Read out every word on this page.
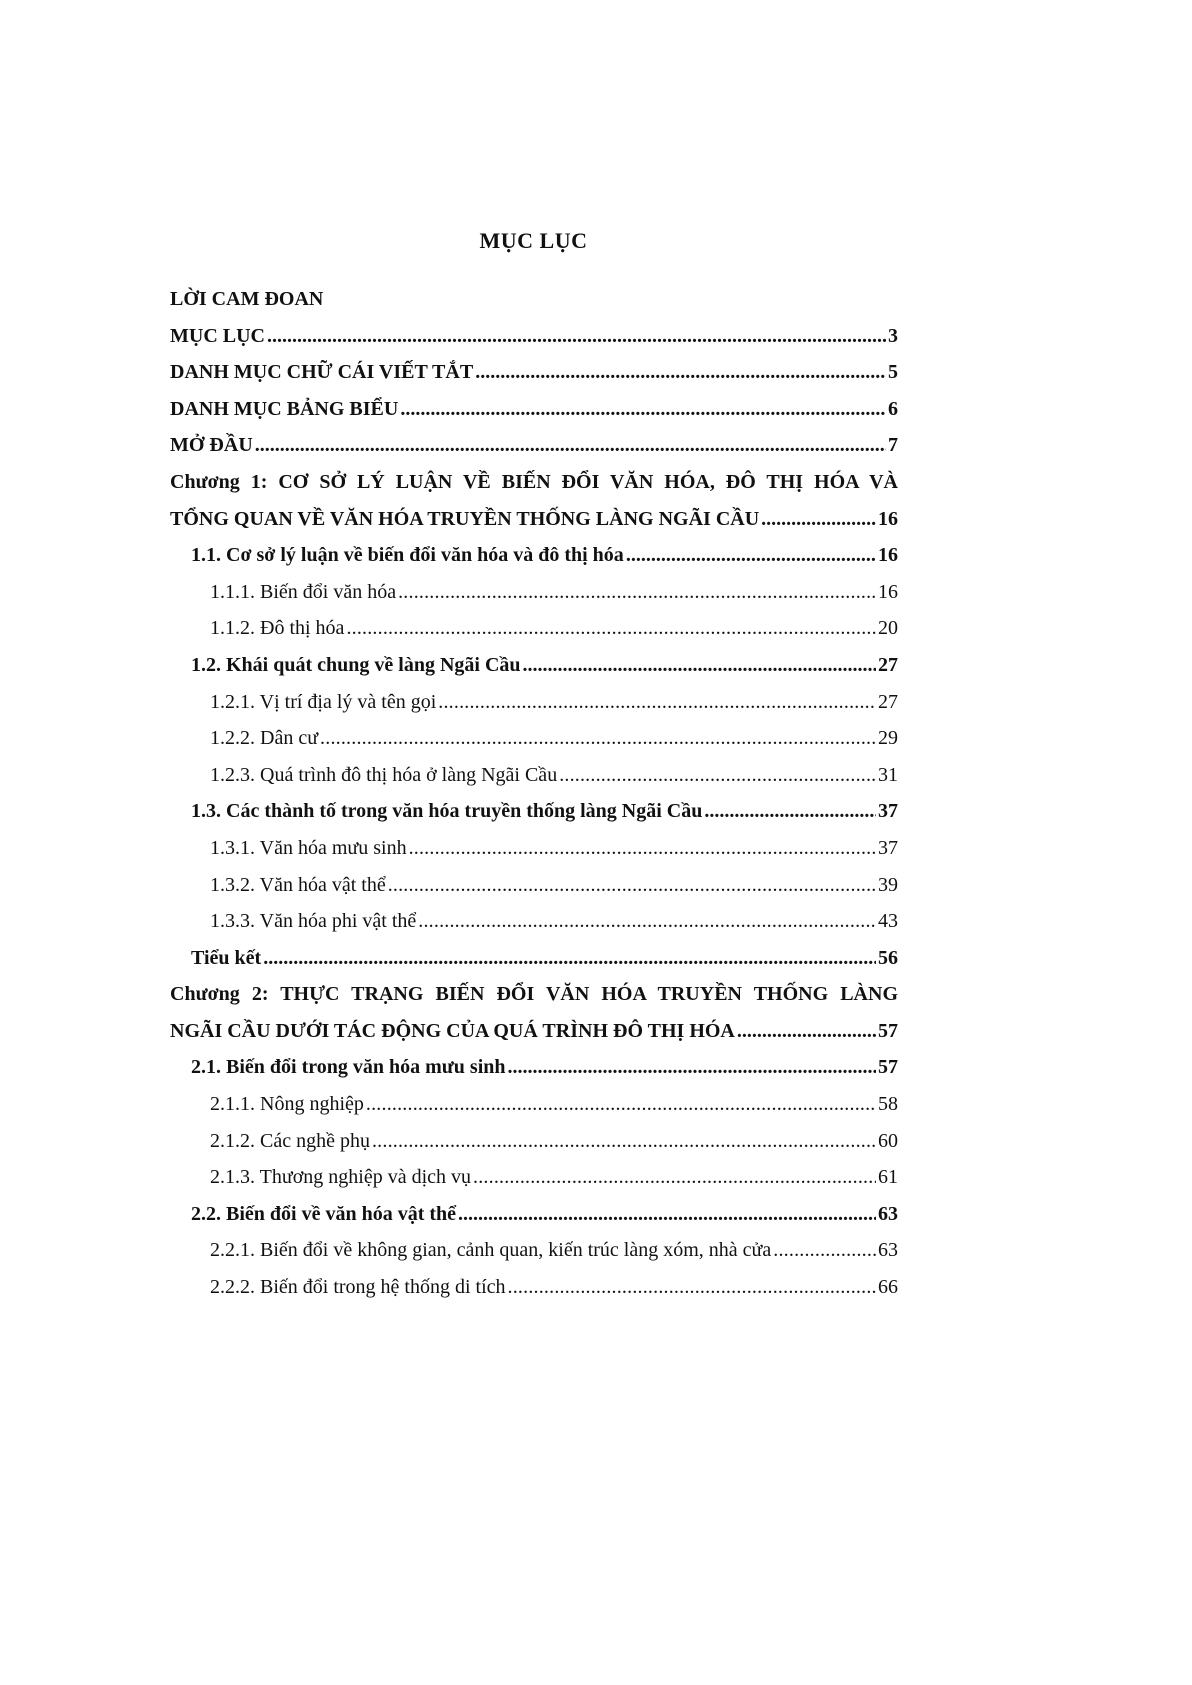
MỤC LỤC
LỜI CAM ĐOAN
MỤC LỤC .....	3
DANH MỤC CHỮ CÁI VIẾT TẮT .....	5
DANH MỤC BẢNG BIỂU .....	6
MỞ ĐẦU .....	7
Chương 1: CƠ SỞ LÝ LUẬN VỀ BIẾN ĐỔI VĂN HÓA, ĐÔ THỊ HÓA VÀ
TỔNG QUAN VỀ VĂN HÓA TRUYỀN THỐNG LÀNG NGÃI CẦU .....	16
1.1. Cơ sở lý luận về biến đổi văn hóa và đô thị hóa .....	16
1.1.1. Biến đổi văn hóa .....	16
1.1.2. Đô thị hóa .....	20
1.2. Khái quát chung về làng Ngãi Cầu .....	27
1.2.1. Vị trí địa lý và tên gọi .....	27
1.2.2. Dân cư .....	29
1.2.3. Quá trình đô thị hóa ở làng Ngãi Cầu .....	31
1.3. Các thành tố trong văn hóa truyền thống làng Ngãi Cầu .....	37
1.3.1. Văn hóa mưu sinh .....	37
1.3.2. Văn hóa vật thể .....	39
1.3.3. Văn hóa phi vật thể .....	43
Tiểu kết .....	56
Chương 2: THỰC TRẠNG BIẾN ĐỔI VĂN HÓA TRUYỀN THỐNG LÀNG
NGÃI CẦU DƯỚI TÁC ĐỘNG CỦA QUÁ TRÌNH ĐÔ THỊ HÓA .....	57
2.1. Biến đổi trong văn hóa mưu sinh .....	57
2.1.1. Nông nghiệp .....	58
2.1.2. Các nghề phụ .....	60
2.1.3. Thương nghiệp và dịch vụ .....	61
2.2. Biến đổi về văn hóa vật thể .....	63
2.2.1. Biến đổi về không gian, cảnh quan, kiến trúc làng xóm, nhà cửa .....	63
2.2.2. Biến đổi trong hệ thống di tích .....	66
